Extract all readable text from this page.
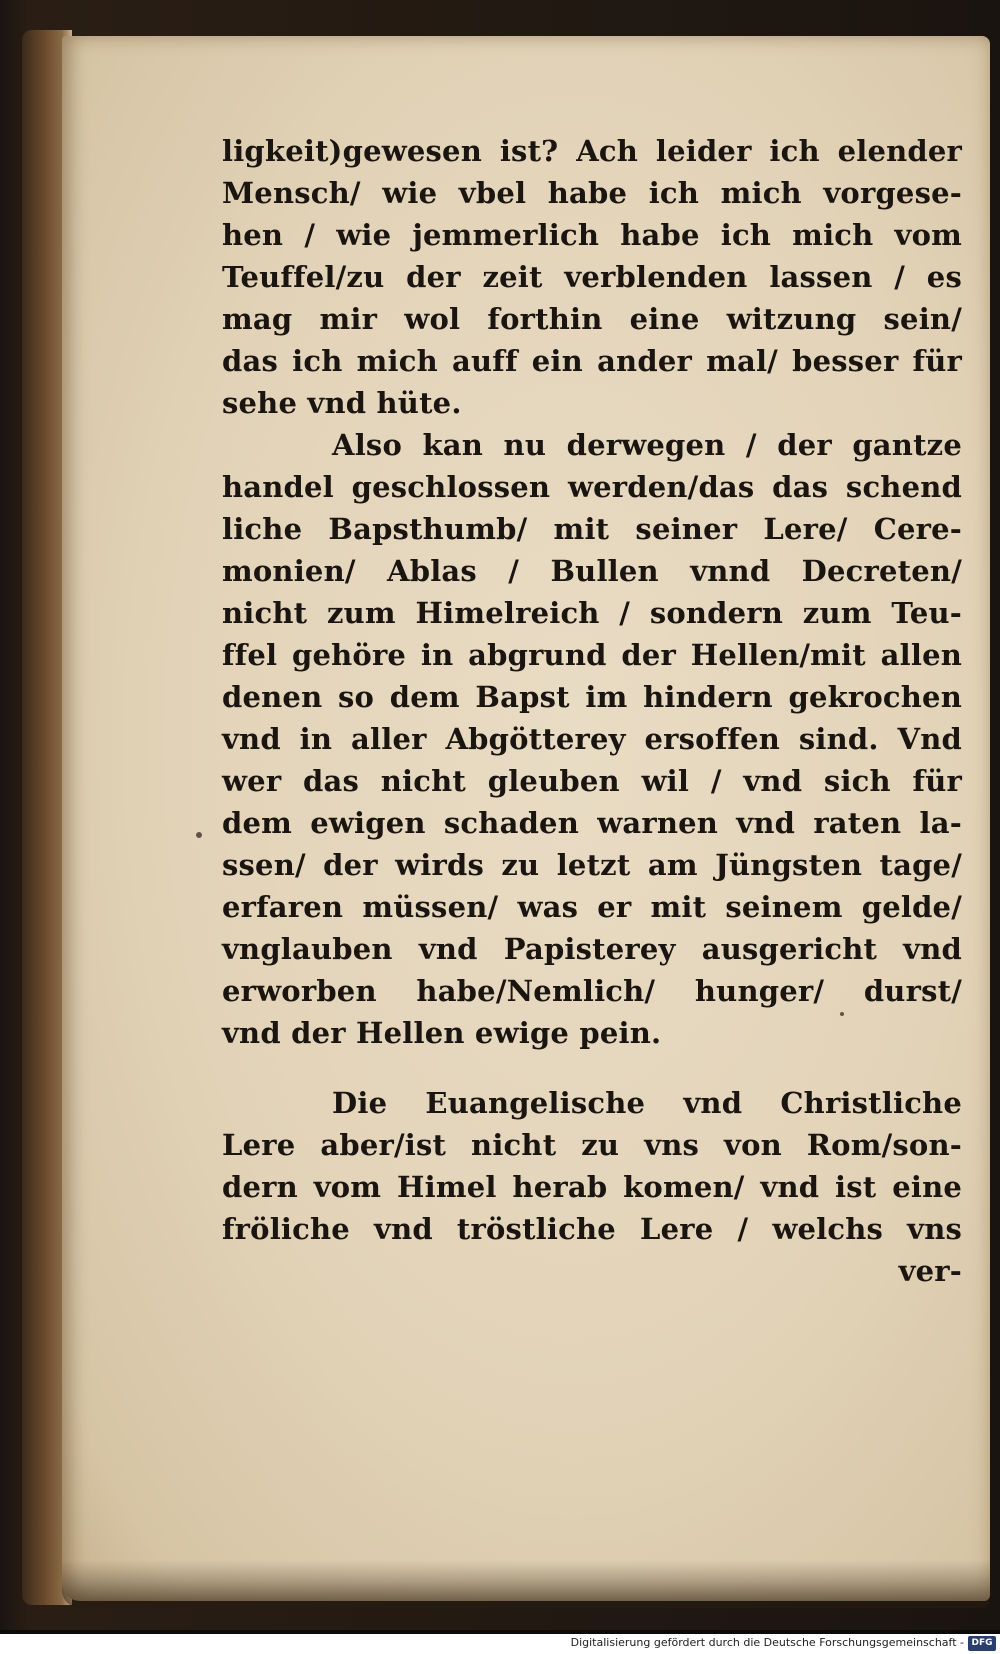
ligkeit)gewesen ist? Ach leider ich elender
Mensch/ wie vbel habe ich mich vorgese-
hen / wie jemmerlich habe ich mich vom
Teuffel/zu der zeit verblenden lassen / es
mag mir wol forthin eine witzung sein/
das ich mich auff ein ander mal/ besser für
sehe vnd hüte.
Also kan nu derwegen / der gantze
handel geschlossen werden/das das schend
liche Bapsthumb/ mit seiner Lere/ Cere-
monien/ Ablas / Bullen vnnd Decreten/
nicht zum Himelreich / sondern zum Teu-
ffel gehöre in abgrund der Hellen/mit allen
denen so dem Bapst im hindern gekrochen
vnd in aller Abgötterey ersoffen sind. Vnd
wer das nicht gleuben wil / vnd sich für
dem ewigen schaden warnen vnd raten la-
ssen/ der wirds zu letzt am Jüngsten tage/
erfaren müssen/ was er mit seinem gelde/
vnglauben vnd Papisterey ausgericht vnd
erworben habe/Nemlich/ hunger/ durst/
vnd der Hellen ewige pein.
Die Euangelische vnd Christliche
Lere aber/ist nicht zu vns von Rom/son-
dern vom Himel herab komen/ vnd ist eine
fröliche vnd tröstliche Lere / welchs vns
ver-
Digitalisierung gefördert durch die Deutsche Forschungsgemeinschaft - DFG
